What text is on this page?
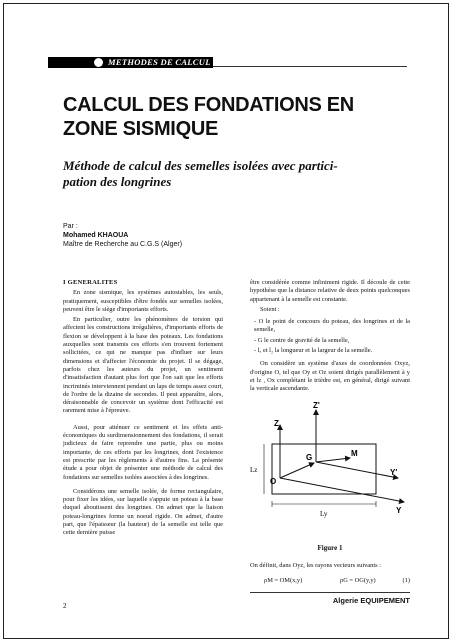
METHODES DE CALCUL
CALCUL DES FONDATIONS EN
ZONE SISMIQUE
Méthode de calcul des semelles isolées avec partici-
pation des longrines
Par :
Mohamed KHAOUA
Maître de Recherche au C.G.S (Alger)

I GENERALITES

En zone sismique, les systèmes autostables, les seuls, pratiquement, susceptibles d'être fondés sur semelles isolées, peuvent être le siège d'importants efforts.

En particulier, outre les phénomènes de torsion qui affectent les constructions irrégulières, d'importants efforts de flexion se développent à la base des poteaux. Les fondations auxquelles sont transmis ces efforts s'en trouvent fortement sollicitées, ce qui ne manque pas d'influer sur leurs dimensions et d'affecter l'économie du projet. Il se dégage, parfois chez les auteurs du projet, un sentiment d'insatisfaction d'autant plus fort que l'on sait que les efforts incriminés interviennent pendant un laps de temps assez court, de l'ordre de la dizaine de secondes. Il peut apparaître, alors, déraisonnable de concevoir un système dont l'efficacité est rarement mise à l'épreuve.

Aussi, pour atténuer ce sentiment et les effets anti-économiques du surdimensionnement des fondations, il serait judicieux de faire reprendre une partie, plus ou moins importante, de ces efforts par les longrines, dont l'existence est prescrite par les règlements à d'autres fins. La présente étude a pour objet de présenter une méthode de calcul des fondations sur semelles isolées associées à des longrines.

Considérons une semelle isolée, de forme rectangulaire, pour fixer les idées, sur laquelle s'appuie un poteau à la base duquel aboutissent des longrines. On admet que la liaison poteau-longrines forme un noeud rigide. On admet, d'autre part, que l'épaisseur (la hauteur) de la semelle est telle que cette dernière puisse

être considérée comme infiniment rigide. Il découle de cette hypothèse que la distance relative de deux points quelconques appartenant à la semelle est constante.

Soient :

- O le point de concours du poteau, des longrines et de la semelle,

- G le centre de gravité de la semelle,

- lₓ et l₂ la longueur et la largeur de la semelle.

On considère un système d'axes de coordonnées Oxyz, d'origine O, tel que Oy et Oz soient dirigés parallèlement à y et lz , Ox complétant le trièdre est, en général, dirigé suivant la verticale ascendante.

Z
Z'
G	M
O
Y
Y'
Lz
Ly
Figure 1
On définit, dans Oyz, les rayons vecteurs suivants :
ρM = OM(x,y)	ρG = OG(y,y)	(1)
2
Algerie EQUIPEMENT
